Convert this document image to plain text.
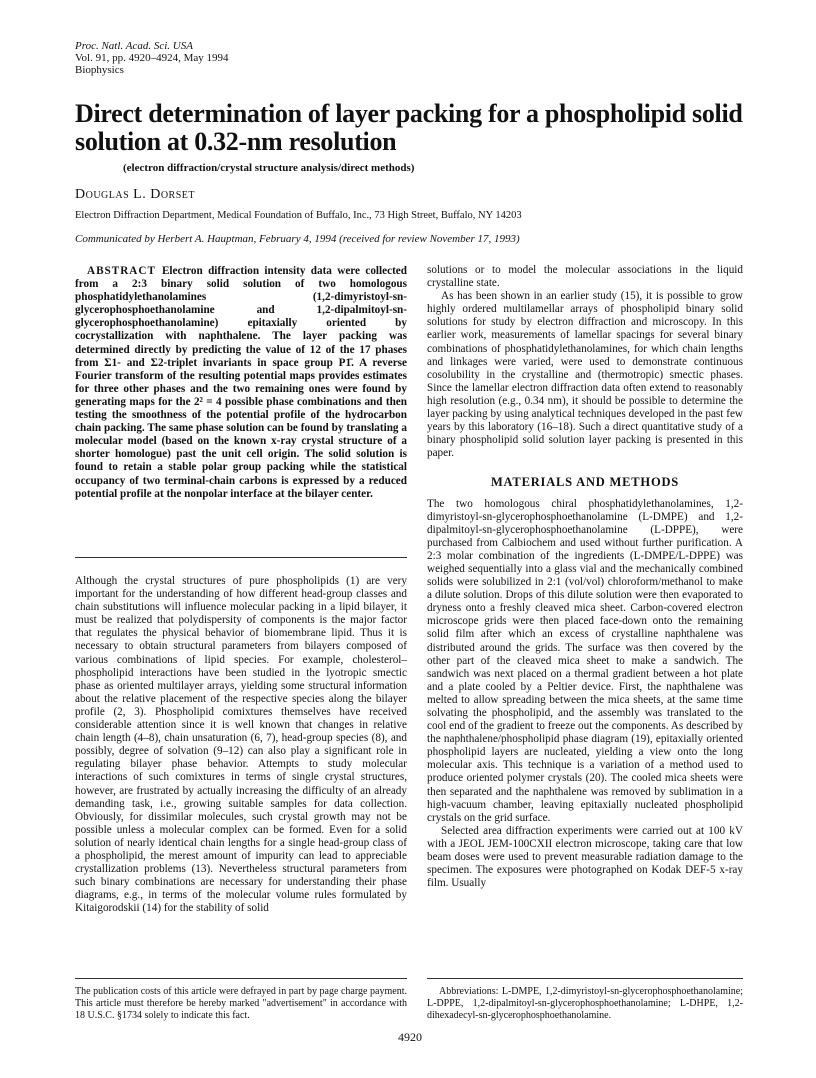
Proc. Natl. Acad. Sci. USA
Vol. 91, pp. 4920–4924, May 1994
Biophysics
Direct determination of layer packing for a phospholipid solid solution at 0.32-nm resolution
(electron diffraction/crystal structure analysis/direct methods)
Douglas L. Dorset
Electron Diffraction Department, Medical Foundation of Buffalo, Inc., 73 High Street, Buffalo, NY 14203
Communicated by Herbert A. Hauptman, February 4, 1994 (received for review November 17, 1993)

ABSTRACT Electron diffraction intensity data were collected from a 2:3 binary solid solution of two homologous phosphatidylethanolamines (1,2-dimyristoyl-sn-glycerophosphoethanolamine and 1,2-dipalmitoyl-sn-glycerophosphoethanolamine) epitaxially oriented by cocrystallization with naphthalene. The layer packing was determined directly by predicting the value of 12 of the 17 phases from Σ1- and Σ2-triplet invariants in space group P1̄. A reverse Fourier transform of the resulting potential maps provides estimates for three other phases and the two remaining ones were found by generating maps for the 2² = 4 possible phase combinations and then testing the smoothness of the potential profile of the hydrocarbon chain packing. The same phase solution can be found by translating a molecular model (based on the known x-ray crystal structure of a shorter homologue) past the unit cell origin. The solid solution is found to retain a stable polar group packing while the statistical occupancy of two terminal-chain carbons is expressed by a reduced potential profile at the nonpolar interface at the bilayer center.

Although the crystal structures of pure phospholipids (1) are very important for the understanding of how different head-group classes and chain substitutions will influence molecular packing in a lipid bilayer, it must be realized that polydispersity of components is the major factor that regulates the physical behavior of biomembrane lipid. Thus it is necessary to obtain structural parameters from bilayers composed of various combinations of lipid species. For example, cholesterol–phospholipid interactions have been studied in the lyotropic smectic phase as oriented multilayer arrays, yielding some structural information about the relative placement of the respective species along the bilayer profile (2, 3). Phospholipid comixtures themselves have received considerable attention since it is well known that changes in relative chain length (4–8), chain unsaturation (6, 7), head-group species (8), and possibly, degree of solvation (9–12) can also play a significant role in regulating bilayer phase behavior. Attempts to study molecular interactions of such comixtures in terms of single crystal structures, however, are frustrated by actually increasing the difficulty of an already demanding task, i.e., growing suitable samples for data collection. Obviously, for dissimilar molecules, such crystal growth may not be possible unless a molecular complex can be formed. Even for a solid solution of nearly identical chain lengths for a single head-group class of a phospholipid, the merest amount of impurity can lead to appreciable crystallization problems (13). Nevertheless structural parameters from such binary combinations are necessary for understanding their phase diagrams, e.g., in terms of the molecular volume rules formulated by Kitaigorodskii (14) for the stability of solid

solutions or to model the molecular associations in the liquid crystalline state.

As has been shown in an earlier study (15), it is possible to grow highly ordered multilamellar arrays of phospholipid binary solid solutions for study by electron diffraction and microscopy. In this earlier work, measurements of lamellar spacings for several binary combinations of phosphatidylethanolamines, for which chain lengths and linkages were varied, were used to demonstrate continuous cosolubility in the crystalline and (thermotropic) smectic phases. Since the lamellar electron diffraction data often extend to reasonably high resolution (e.g., 0.34 nm), it should be possible to determine the layer packing by using analytical techniques developed in the past few years by this laboratory (16–18). Such a direct quantitative study of a binary phospholipid solid solution layer packing is presented in this paper.

MATERIALS AND METHODS

The two homologous chiral phosphatidylethanolamines, 1,2-dimyristoyl-sn-glycerophosphoethanolamine (L-DMPE) and 1,2-dipalmitoyl-sn-glycerophosphoethanolamine (L-DPPE), were purchased from Calbiochem and used without further purification. A 2:3 molar combination of the ingredients (L-DMPE/L-DPPE) was weighed sequentially into a glass vial and the mechanically combined solids were solubilized in 2:1 (vol/vol) chloroform/methanol to make a dilute solution. Drops of this dilute solution were then evaporated to dryness onto a freshly cleaved mica sheet. Carbon-covered electron microscope grids were then placed face-down onto the remaining solid film after which an excess of crystalline naphthalene was distributed around the grids. The surface was then covered by the other part of the cleaved mica sheet to make a sandwich. The sandwich was next placed on a thermal gradient between a hot plate and a plate cooled by a Peltier device. First, the naphthalene was melted to allow spreading between the mica sheets, at the same time solvating the phospholipid, and the assembly was translated to the cool end of the gradient to freeze out the components. As described by the naphthalene/phospholipid phase diagram (19), epitaxially oriented phospholipid layers are nucleated, yielding a view onto the long molecular axis. This technique is a variation of a method used to produce oriented polymer crystals (20). The cooled mica sheets were then separated and the naphthalene was removed by sublimation in a high-vacuum chamber, leaving epitaxially nucleated phospholipid crystals on the grid surface.

Selected area diffraction experiments were carried out at 100 kV with a JEOL JEM-100CXII electron microscope, taking care that low beam doses were used to prevent measurable radiation damage to the specimen. The exposures were photographed on Kodak DEF-5 x-ray film. Usually

The publication costs of this article were defrayed in part by page charge payment. This article must therefore be hereby marked "advertisement" in accordance with 18 U.S.C. §1734 solely to indicate this fact.
Abbreviations: L-DMPE, 1,2-dimyristoyl-sn-glycerophosphoethanolamine; L-DPPE, 1,2-dipalmitoyl-sn-glycerophosphoethanolamine; L-DHPE, 1,2-dihexadecyl-sn-glycerophosphoethanolamine.
4920
